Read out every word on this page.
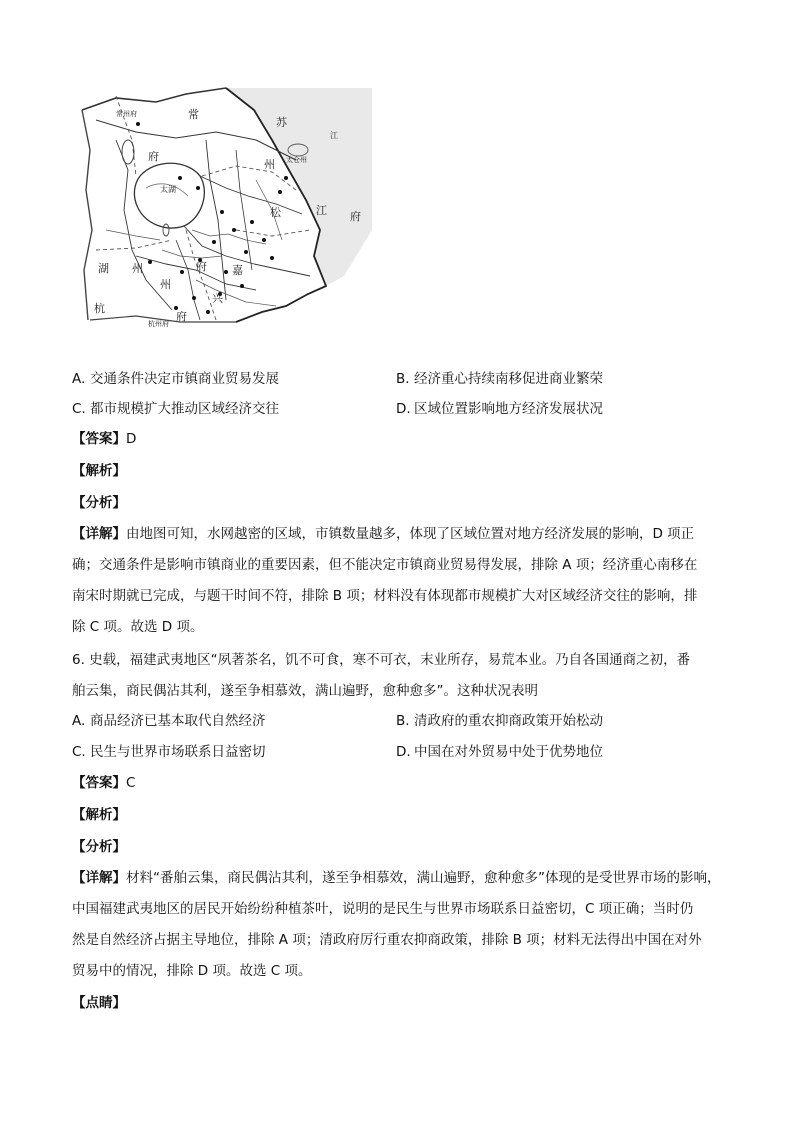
常州府	常
江
苏
州
府	太仓州
松	江 府
湖 州	府 嘉
兴
杭
州
府
杭州府
太湖
A. 交通条件决定市镇商业贸易发展	B. 经济重心持续南移促进商业繁荣
C. 都市规模扩大推动区域经济交往	D. 区域位置影响地方经济发展状况
【答案】D
【解析】
【分析】
【详解】由地图可知，水网越密的区域，市镇数量越多，体现了区域位置对地方经济发展的影响，D 项正
确；交通条件是影响市镇商业的重要因素，但不能决定市镇商业贸易得发展，排除 A 项；经济重心南移在
南宋时期就已完成，与题干时间不符，排除 B 项；材料没有体现都市规模扩大对区域经济交往的影响，排
除 C 项。故选 D 项。
6. 史载，福建武夷地区“夙著茶名，饥不可食，寒不可衣，末业所存，易荒本业。乃自各国通商之初，番
舶云集，商民偶沾其利，遂至争相慕效，满山遍野，愈种愈多”。这种状况表明
A. 商品经济已基本取代自然经济	B. 清政府的重农抑商政策开始松动
C. 民生与世界市场联系日益密切	D. 中国在对外贸易中处于优势地位
【答案】C
【解析】
【分析】
【详解】材料“番舶云集，商民偶沾其利，遂至争相慕效，满山遍野，愈种愈多”体现的是受世界市场的影响，
中国福建武夷地区的居民开始纷纷种植茶叶，说明的是民生与世界市场联系日益密切，C 项正确；当时仍
然是自然经济占据主导地位，排除 A 项；清政府厉行重农抑商政策，排除 B 项；材料无法得出中国在对外
贸易中的情况，排除 D 项。故选 C 项。
【点睛】
